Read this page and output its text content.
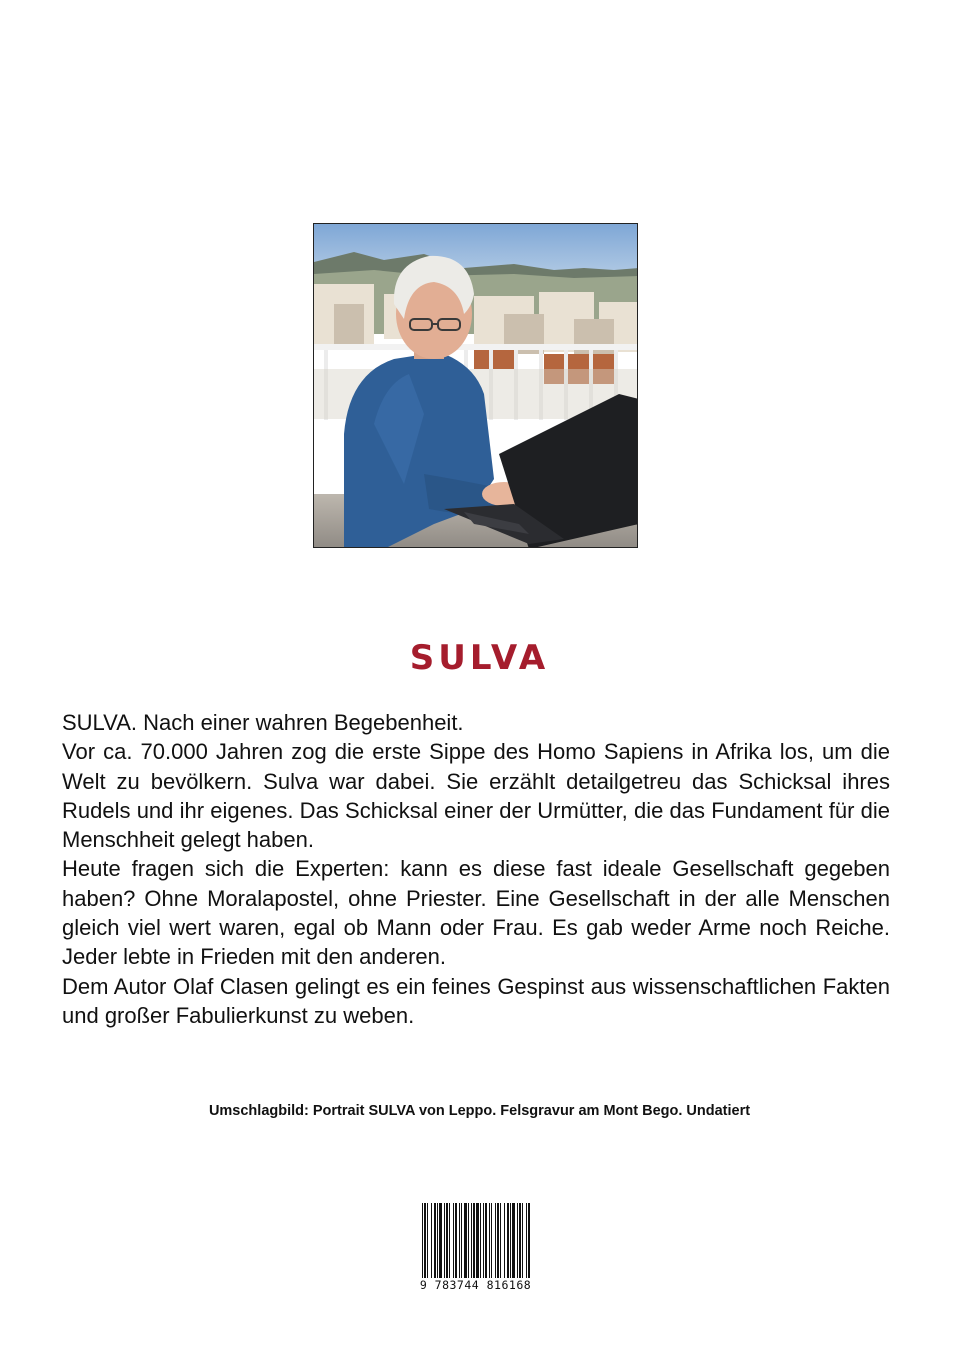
SULVA

SULVA. Nach einer wahren Begebenheit.

Vor ca. 70.000 Jahren zog die erste Sippe des Homo Sapiens in Afrika los, um die Welt zu bevölkern. Sulva war dabei. Sie erzählt detailgetreu das Schicksal ihres Rudels und ihr eigenes. Das Schicksal einer der Urmütter, die das Fundament für die Menschheit gelegt haben.

Heute fragen sich die Experten: kann es diese fast ideale Gesellschaft gegeben haben? Ohne Moralapostel, ohne Priester. Eine Gesellschaft in der alle Menschen gleich viel wert waren, egal ob Mann oder Frau. Es gab weder Arme noch Reiche. Jeder lebte in Frieden mit den anderen.

Dem Autor Olaf Clasen gelingt es ein feines Gespinst aus wissenschaftlichen Fakten und großer Fabulierkunst zu weben.

Umschlagbild: Portrait SULVA von Leppo. Felsgravur am Mont Bego. Undatiert
9 783744 816168
